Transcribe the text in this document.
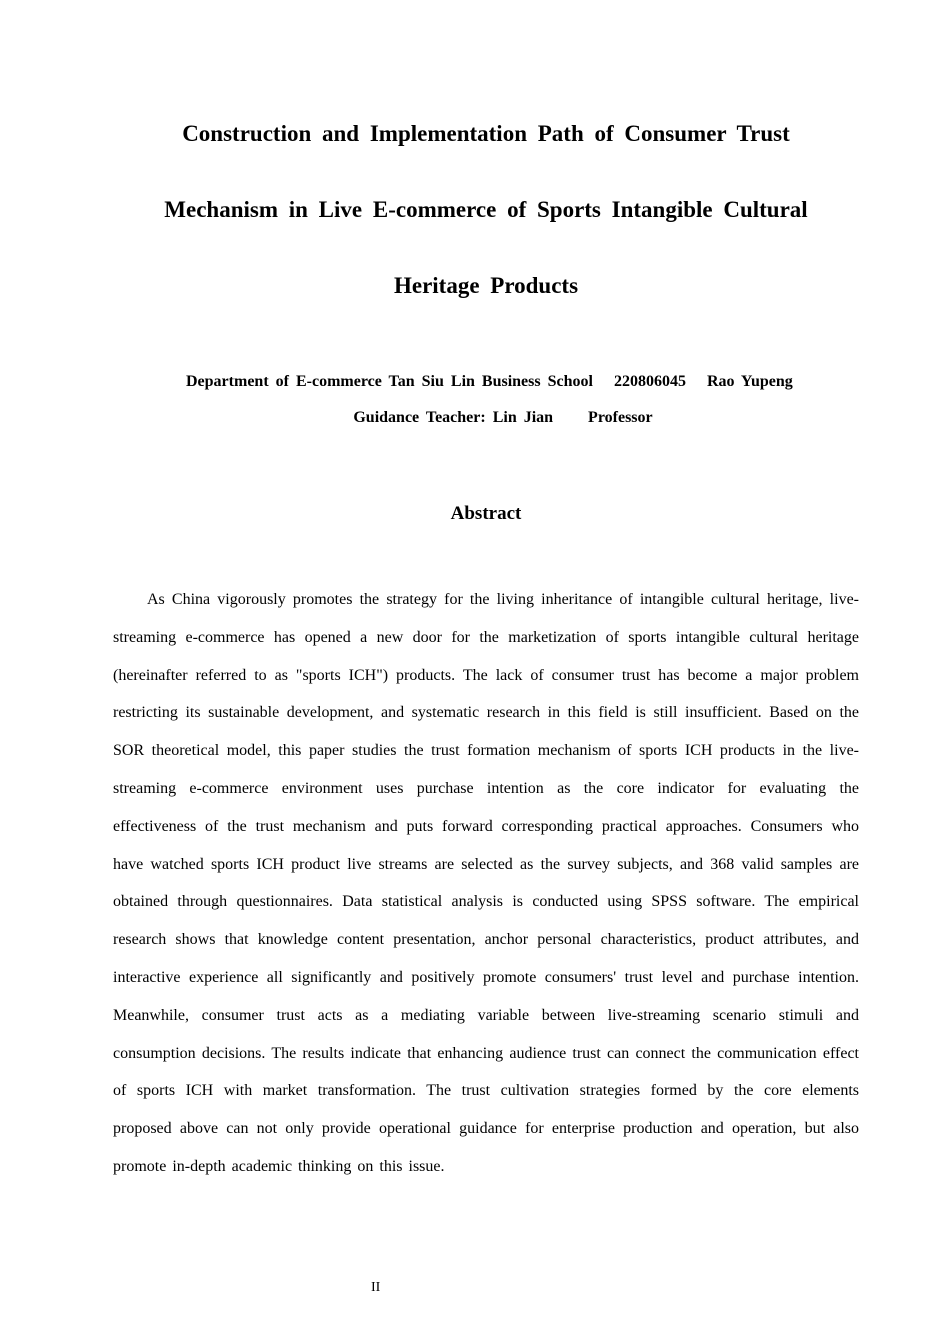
Construction and Implementation Path of Consumer Trust Mechanism in Live E-commerce of Sports Intangible Cultural Heritage Products

Department of E-commerce Tan Siu Lin Business School   220806045   Rao Yupeng

Guidance Teacher: Lin Jian     Professor

Abstract

As China vigorously promotes the strategy for the living inheritance of intangible cultural heritage, live-streaming e-commerce has opened a new door for the marketization of sports intangible cultural heritage (hereinafter referred to as "sports ICH") products. The lack of consumer trust has become a major problem restricting its sustainable development, and systematic research in this field is still insufficient. Based on the SOR theoretical model, this paper studies the trust formation mechanism of sports ICH products in the live-streaming e-commerce environment uses purchase intention as the core indicator for evaluating the effectiveness of the trust mechanism and puts forward corresponding practical approaches. Consumers who have watched sports ICH product live streams are selected as the survey subjects, and 368 valid samples are obtained through questionnaires. Data statistical analysis is conducted using SPSS software. The empirical research shows that knowledge content presentation, anchor personal characteristics, product attributes, and interactive experience all significantly and positively promote consumers' trust level and purchase intention. Meanwhile, consumer trust acts as a mediating variable between live-streaming scenario stimuli and consumption decisions. The results indicate that enhancing audience trust can connect the communication effect of sports ICH with market transformation. The trust cultivation strategies formed by the core elements proposed above can not only provide operational guidance for enterprise production and operation, but also promote in-depth academic thinking on this issue.

II
